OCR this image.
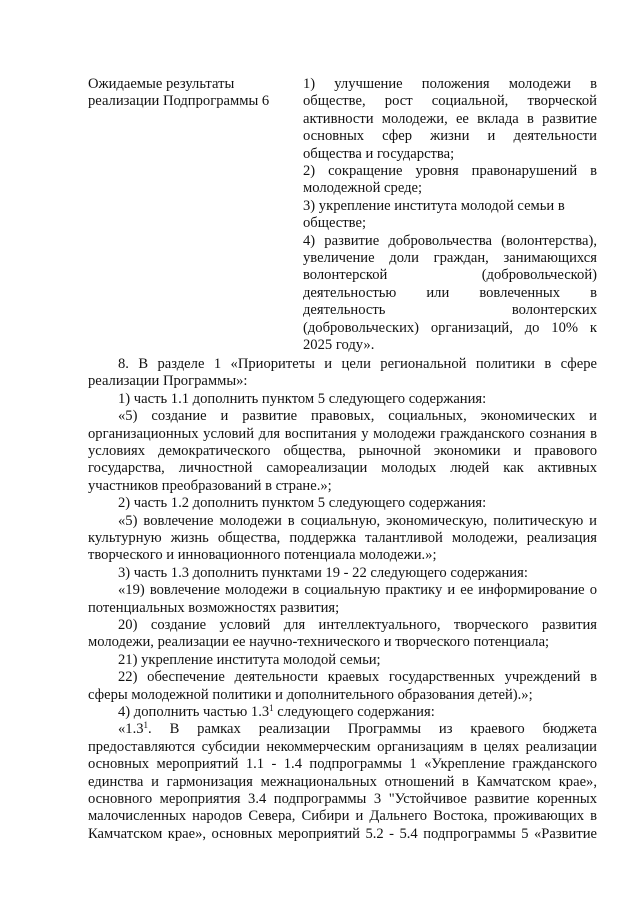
Ожидаемые результаты
реализации Подпрограммы 6
1) улучшение положения молодежи в
обществе, рост социальной, творческой
активности молодежи, ее вклада в развитие
основных сфер жизни и деятельности
общества и государства;
2) сокращение уровня правонарушений в
молодежной среде;
3) укрепление института молодой семьи в
обществе;
4) развитие добровольчества (волонтерства),
увеличение доли граждан, занимающихся
волонтерской (добровольческой)
деятельностью или вовлеченных в
деятельность волонтерских
(добровольческих) организаций, до 10% к
2025 году».
8. В разделе 1 «Приоритеты и цели региональной политики в сфере
реализации Программы»:
1) часть 1.1 дополнить пунктом 5 следующего содержания:
«5) создание и развитие правовых, социальных, экономических и
организационных условий для воспитания у молодежи гражданского сознания в
условиях демократического общества, рыночной экономики и правового
государства, личностной самореализации молодых людей как активных
участников преобразований в стране.»;
2) часть 1.2 дополнить пунктом 5 следующего содержания:
«5) вовлечение молодежи в социальную, экономическую, политическую и
культурную жизнь общества, поддержка талантливой молодежи, реализация
творческого и инновационного потенциала молодежи.»;
3) часть 1.3 дополнить пунктами 19 - 22 следующего содержания:
«19) вовлечение молодежи в социальную практику и ее информирование о
потенциальных возможностях развития;
20) создание условий для интеллектуального, творческого развития
молодежи, реализации ее научно-технического и творческого потенциала;
21) укрепление института молодой семьи;
22) обеспечение деятельности краевых государственных учреждений в
сферы молодежной политики и дополнительного образования детей).»;
4) дополнить частью $1.3^1$ следующего содержания:
«$1.3^1$. В рамках реализации Программы из краевого бюджета
предоставляются субсидии некоммерческим организациям в целях реализации
основных мероприятий 1.1 - 1.4 подпрограммы 1 «Укрепление гражданского
единства и гармонизация межнациональных отношений в Камчатском крае»,
основного мероприятия 3.4 подпрограммы 3 "Устойчивое развитие коренных
малочисленных народов Севера, Сибири и Дальнего Востока, проживающих в
Камчатском крае», основных мероприятий 5.2 - 5.4 подпрограммы 5 «Развитие
